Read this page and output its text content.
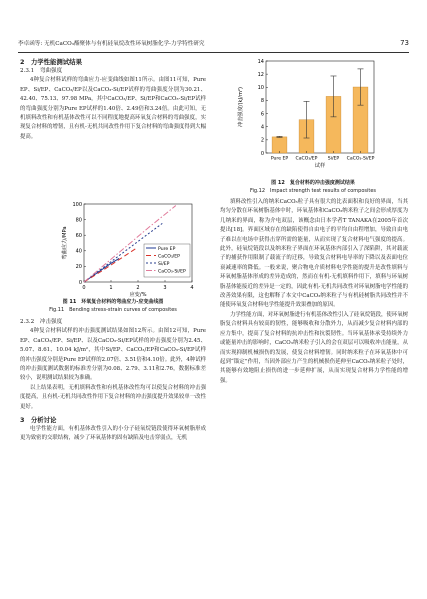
李卓函等: 无机CaCO₃酯聚体与有机硅氧烷改性环氧树脂化学-力学特性研究	73
2　力学性能测试结果
2.3.1　弯曲强度
4种复合材料试样的弯曲应力-应变曲线如图11所示。由图11可知，Pure EP、Si/EP、CaCO₃/EP以及CaCO₃-Si/EP试样的弯曲强度分别为30.21、42.40、75.13、97.98 MPa，其中CaCO₃/EP、Si/EP和CaCO₃-Si/EP试样的弯曲强度分别为Pure EP试样的1.40倍、2.49倍和3.24倍。由此可知，无机填料改性和有机基体改性可以不同程度地提高环氧复合材料的弯曲强度，实现复合材料的增韧，且有机-无机共同改性作用下复合材料的弯曲强度得到大幅提高。
0
20
40
60
80
100
0	1	2	3	4
应变/%
弯曲应力/MPa	Pure EP
CaCO₃/EP
Si/EP
CaCO₃-Si/EP
图 11　环氧复合材料的弯曲应力-应变曲线图
Fig.11　Bending stress-strain curves of composites
2.3.2　冲击强度
4种复合材料试样的冲击强度测试结果如图12所示。由图12可知，Pure EP、CaCO₃/EP、Si/EP、以及CaCO₃-Si/EP试样的冲击强度分别为2.45、5.07、8.61、10.04 kJ/m²，其中Si/EP、CaCO₃/EP和CaCO₃-Si/EP试样的冲击强度分别是Pure EP试样的2.07倍、3.51倍和4.10倍。此外，4种试样的冲击强度测试数据的标准差分别为0.08、2.79、3.11和2.76，数据标准差较小，说明测试结果较为准确。
以上结果表明，无机填料改性和有机基体改性均可以使复合材料的冲击强度提高，且有机-无机共同改性作用下复合材料的冲击强度提升效果较单一改性更好。
3　分析讨论
电学性能方面，有机基体改性引入的小分子硅氧烷链段使得环氧树脂形成更为致密的交联结构，减少了环氧基体的固有缺陷及电击穿弱点，无机
0
2
4
6
8
10
12
14
Pure EP CaCO₃/EP Si/EP CaCO₃-Si/EP
试样
冲击强度/(kJ/m²)
图 12　复合材料的冲击强度测试结果
Fig.12　Impact strength test results of composites
填料改性引入的纳米CaCO₃粒子具有很大的比表面积和良好的界面，当其均匀分散在环氧树脂基体中时，环氧基体和CaCO₃纳米粒子之间会形成厚度为几纳米的界面，称为介电双层，该概念由日本学者T TANAKA在2005年首次提出[18]。界面区域存在的缺陷使得自由电子的平均自由程增加，导致自由电子难以在电场中获得击穿所需的能量，从而实现了复合材料电气强度的提高。此外，硅氧烷链段以及纳米粒子界面在环氧基体内部引入了深陷阱，其对载流子的捕获作用限制了载流子的迁移，导致复合材料电导率的下降以及表面电位衰减速率的降低。一般来说，聚合物电介质材料电学性能的提升是改性填料与环氧树脂基体形成的差异造成的，然而在有机-无机填料作用下，填料与环氧树脂基体能接近的差异是一定的，因此有机-无机共同改性对环氧树脂电学性能的改善效果有限，这也解释了本文中CaCO₃纳米粒子与有机硅树脂共同改性并不能使环氧复合材料电学性能提升效果叠加的原因。
力学性能方面，对环氧树脂进行有机基体改性引入了硅氧烷链段，使环氧树脂复合材料具有较高的韧性，能够吸收和分散外力，从而减少复合材料内部的应力集中，提高了复合材料的抗冲击性和抗裂韧性。当环氧基体承受持续外力或能量冲击的影响时，CaCO₃纳米粒子引入的会在双层可以吸收冲击能量，从而实现抑制机械损伤的发展，使复合材料增韧。同时纳米粒子在环氧基体中可起到“锚定”作用，当因外部应力产生的机械损伤延伸至CaCO₃纳米粒子处时，其能够有效地阻止损伤的进一步延伸扩展，从而实现复合材料力学性能的增强。
